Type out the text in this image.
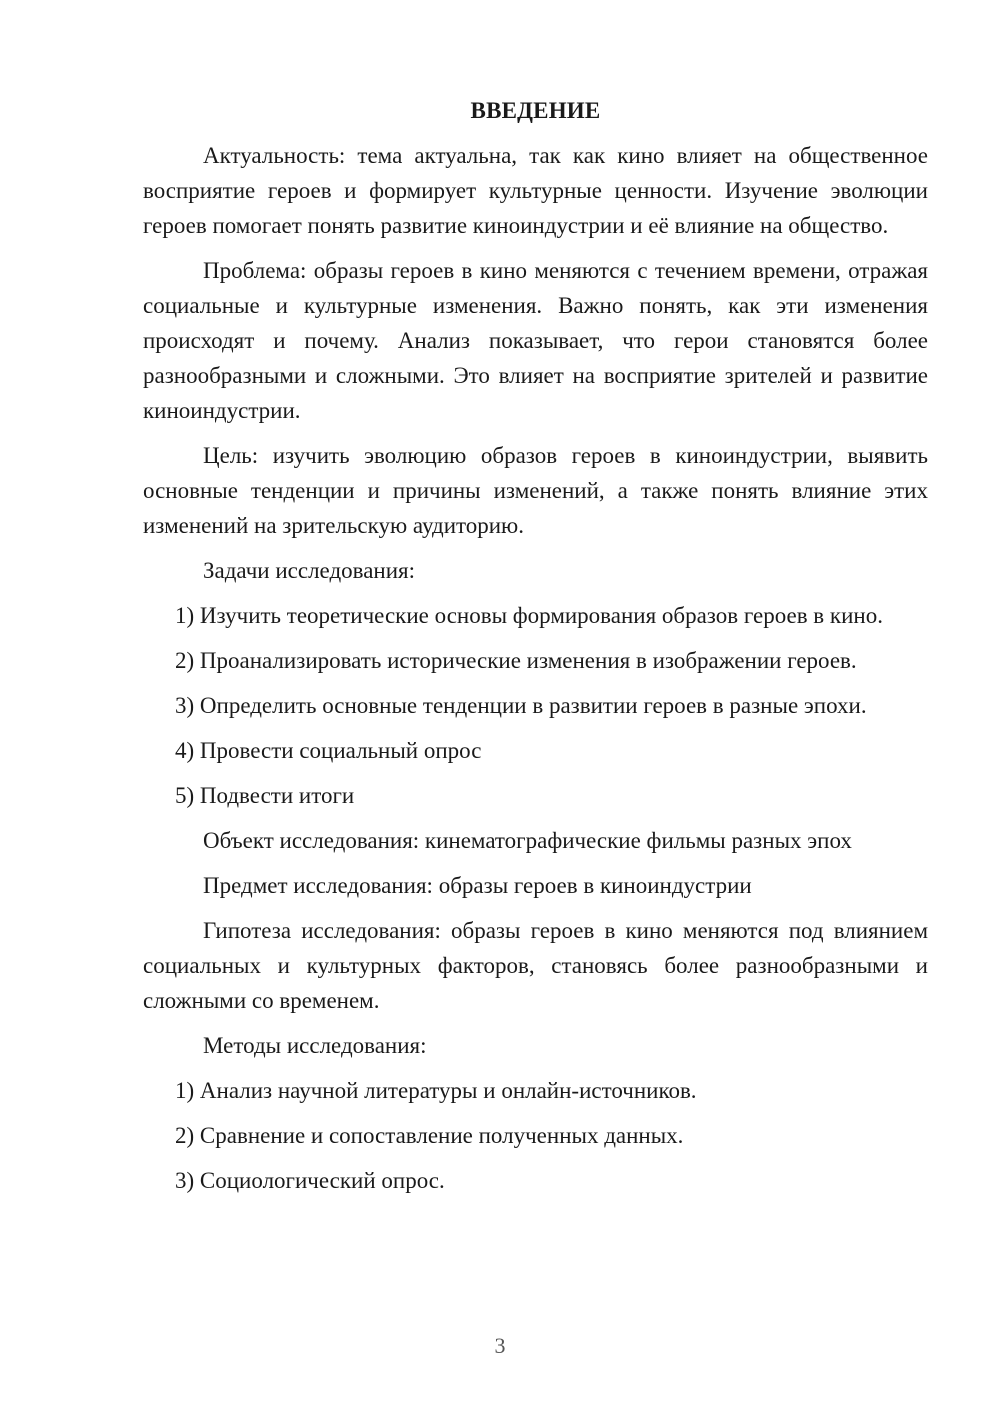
ВВЕДЕНИЕ
Актуальность: тема актуальна, так как кино влияет на общественное восприятие героев и формирует культурные ценности. Изучение эволюции героев помогает понять развитие киноиндустрии и её влияние на общество.
Проблема: образы героев в кино меняются с течением времени, отражая социальные и культурные изменения. Важно понять, как эти изменения происходят и почему. Анализ показывает, что герои становятся более разнообразными и сложными. Это влияет на восприятие зрителей и развитие киноиндустрии.
Цель: изучить эволюцию образов героев в киноиндустрии, выявить основные тенденции и причины изменений, а также понять влияние этих изменений на зрительскую аудиторию.
Задачи исследования:
1) Изучить теоретические основы формирования образов героев в кино.
2) Проанализировать исторические изменения в изображении героев.
3) Определить основные тенденции в развитии героев в разные эпохи.
4) Провести социальный опрос
5) Подвести итоги
Объект исследования: кинематографические фильмы разных эпох
Предмет исследования: образы героев в киноиндустрии
Гипотеза исследования: образы героев в кино меняются под влиянием социальных и культурных факторов, становясь более разнообразными и сложными со временем.
Методы исследования:
1) Анализ научной литературы и онлайн-источников.
2) Сравнение и сопоставление полученных данных.
3) Социологический опрос.
3
